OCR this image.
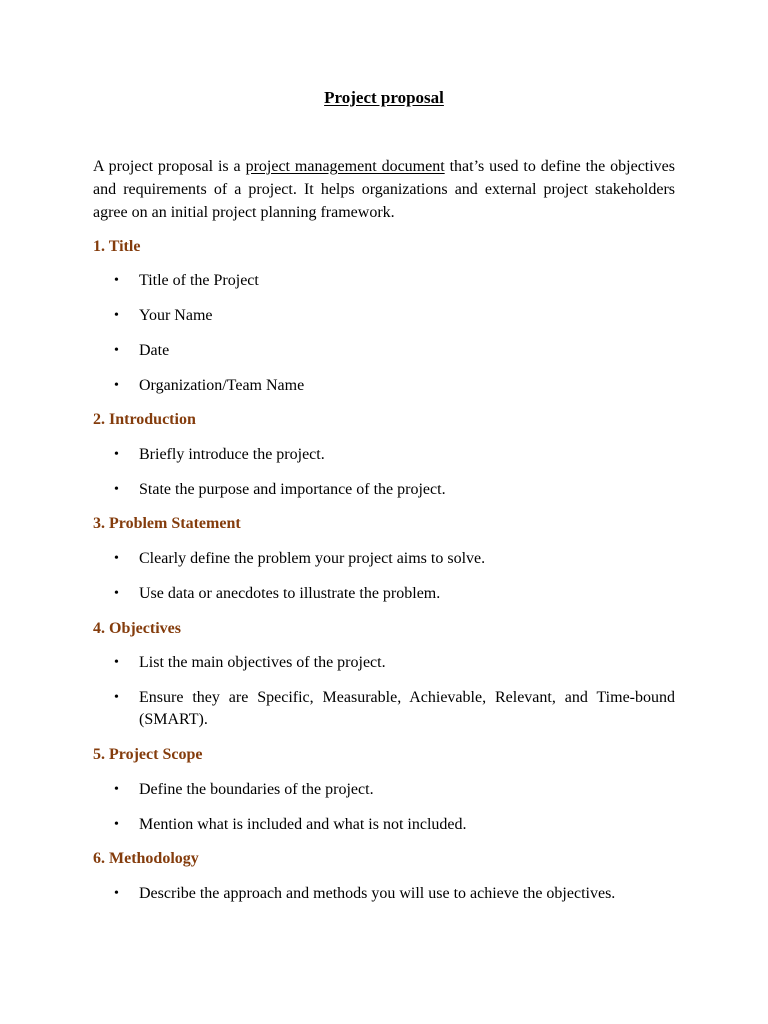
Project proposal
A project proposal is a project management document that’s used to define the objectives and requirements of a project. It helps organizations and external project stakeholders agree on an initial project planning framework.
1. Title
• Title of the Project
• Your Name
• Date
• Organization/Team Name
2. Introduction
• Briefly introduce the project.
• State the purpose and importance of the project.
3. Problem Statement
• Clearly define the problem your project aims to solve.
• Use data or anecdotes to illustrate the problem.
4. Objectives
• List the main objectives of the project.
• Ensure they are Specific, Measurable, Achievable, Relevant, and Time-bound (SMART).
5. Project Scope
• Define the boundaries of the project.
• Mention what is included and what is not included.
6. Methodology
• Describe the approach and methods you will use to achieve the objectives.
